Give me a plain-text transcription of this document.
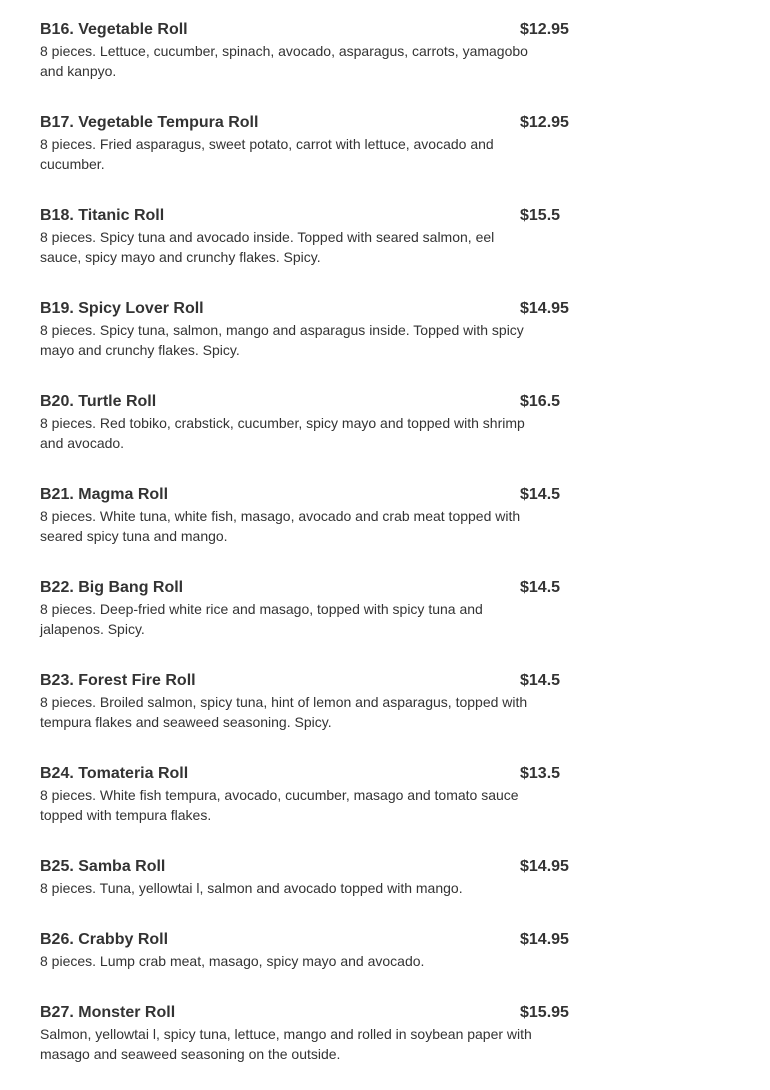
B16. Vegetable Roll	$12.95
8 pieces. Lettuce, cucumber, spinach, avocado, asparagus, carrots, yamagobo and kanpyo.
B17. Vegetable Tempura Roll	$12.95
8 pieces. Fried asparagus, sweet potato, carrot with lettuce, avocado and cucumber.
B18. Titanic Roll	$15.5
8 pieces. Spicy tuna and avocado inside. Topped with seared salmon, eel sauce, spicy mayo and crunchy flakes. Spicy.
B19. Spicy Lover Roll	$14.95
8 pieces. Spicy tuna, salmon, mango and asparagus inside. Topped with spicy mayo and crunchy flakes. Spicy.
B20. Turtle Roll	$16.5
8 pieces. Red tobiko, crabstick, cucumber, spicy mayo and topped with shrimp and avocado.
B21. Magma Roll	$14.5
8 pieces. White tuna, white fish, masago, avocado and crab meat topped with seared spicy tuna and mango.
B22. Big Bang Roll	$14.5
8 pieces. Deep-fried white rice and masago, topped with spicy tuna and jalapenos. Spicy.
B23. Forest Fire Roll	$14.5
8 pieces. Broiled salmon, spicy tuna, hint of lemon and asparagus, topped with tempura flakes and seaweed seasoning. Spicy.
B24. Tomateria Roll	$13.5
8 pieces. White fish tempura, avocado, cucumber, masago and tomato sauce topped with tempura flakes.
B25. Samba Roll	$14.95
8 pieces. Tuna, yellowtai l, salmon and avocado topped with mango.
B26. Crabby Roll	$14.95
8 pieces. Lump crab meat, masago, spicy mayo and avocado.
B27. Monster Roll	$15.95
Salmon, yellowtai l, spicy tuna, lettuce, mango and rolled in soybean paper with masago and seaweed seasoning on the outside.
